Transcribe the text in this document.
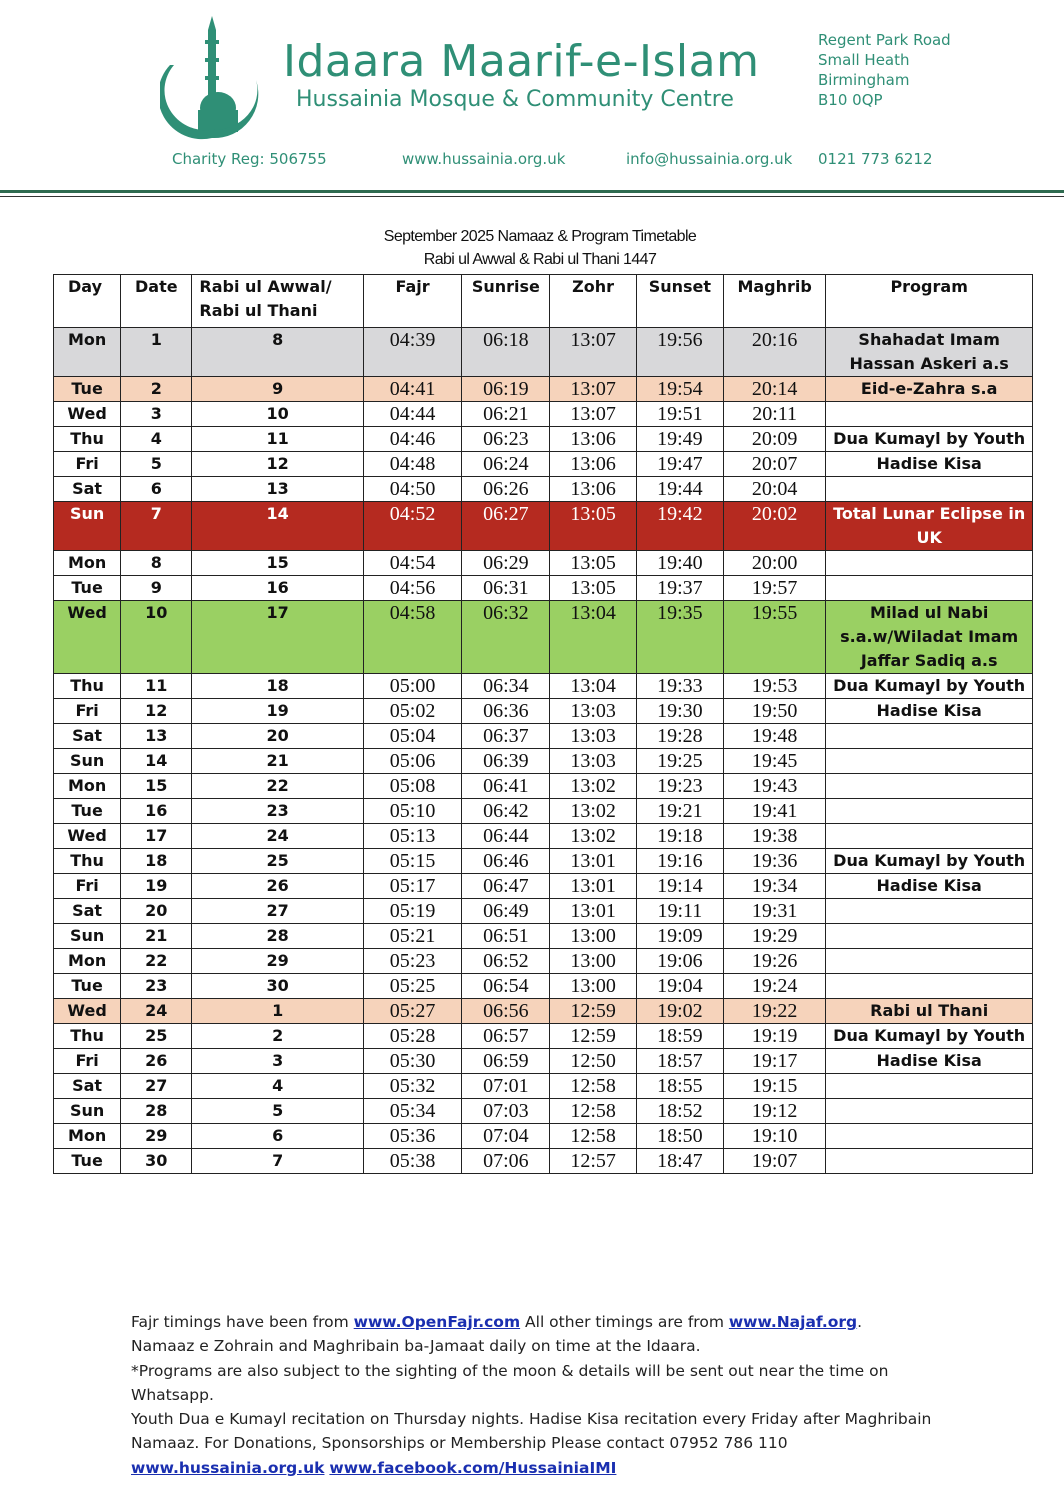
Idaara Maarif-e-Islam
Hussainia Mosque & Community Centre
Regent Park Road
Small Heath
Birmingham
B10 0QP
Charity Reg: 506755	www.hussainia.org.uk	info@hussainia.org.uk 0121 773 6212
September 2025 Namaaz & Program Timetable
Rabi ul Awwal & Rabi ul Thani 1447
Day	Date	Rabi ul Awwal/
Rabi ul Thani	Fajr	Sunrise	Zohr	Sunset	Maghrib	Program
Mon	1	8	04:39	06:18	13:07	19:56	20:16	Shahadat Imam Hassan Askeri a.s
Tue	2	9	04:41	06:19	13:07	19:54	20:14	Eid-e-Zahra s.a
Wed	3	10	04:44	06:21	13:07	19:51	20:11	
Thu	4	11	04:46	06:23	13:06	19:49	20:09	Dua Kumayl by Youth
Fri	5	12	04:48	06:24	13:06	19:47	20:07	Hadise Kisa
Sat	6	13	04:50	06:26	13:06	19:44	20:04	
Sun	7	14	04:52	06:27	13:05	19:42	20:02	Total Lunar Eclipse in UK
Mon	8	15	04:54	06:29	13:05	19:40	20:00	
Tue	9	16	04:56	06:31	13:05	19:37	19:57	
Wed	10	17	04:58	06:32	13:04	19:35	19:55	Milad ul Nabi s.a.w/Wiladat Imam Jaffar Sadiq a.s
Thu	11	18	05:00	06:34	13:04	19:33	19:53	Dua Kumayl by Youth
Fri	12	19	05:02	06:36	13:03	19:30	19:50	Hadise Kisa
Sat	13	20	05:04	06:37	13:03	19:28	19:48	
Sun	14	21	05:06	06:39	13:03	19:25	19:45	
Mon	15	22	05:08	06:41	13:02	19:23	19:43	
Tue	16	23	05:10	06:42	13:02	19:21	19:41	
Wed	17	24	05:13	06:44	13:02	19:18	19:38	
Thu	18	25	05:15	06:46	13:01	19:16	19:36	Dua Kumayl by Youth
Fri	19	26	05:17	06:47	13:01	19:14	19:34	Hadise Kisa
Sat	20	27	05:19	06:49	13:01	19:11	19:31	
Sun	21	28	05:21	06:51	13:00	19:09	19:29	
Mon	22	29	05:23	06:52	13:00	19:06	19:26	
Tue	23	30	05:25	06:54	13:00	19:04	19:24	
Wed	24	1	05:27	06:56	12:59	19:02	19:22	Rabi ul Thani
Thu	25	2	05:28	06:57	12:59	18:59	19:19	Dua Kumayl by Youth
Fri	26	3	05:30	06:59	12:50	18:57	19:17	Hadise Kisa
Sat	27	4	05:32	07:01	12:58	18:55	19:15	
Sun	28	5	05:34	07:03	12:58	18:52	19:12	
Mon	29	6	05:36	07:04	12:58	18:50	19:10	
Tue	30	7	05:38	07:06	12:57	18:47	19:07	
Fajr timings have been from www.OpenFajr.com All other timings are from www.Najaf.org.
Namaaz e Zohrain and Maghribain ba-Jamaat daily on time at the Idaara.
*Programs are also subject to the sighting of the moon & details will be sent out near the time on Whatsapp.
Youth Dua e Kumayl recitation on Thursday nights. Hadise Kisa recitation every Friday after Maghribain Namaaz. For Donations, Sponsorships or Membership Please contact 07952 786 110
www.hussainia.org.uk www.facebook.com/HussainiaIMI
